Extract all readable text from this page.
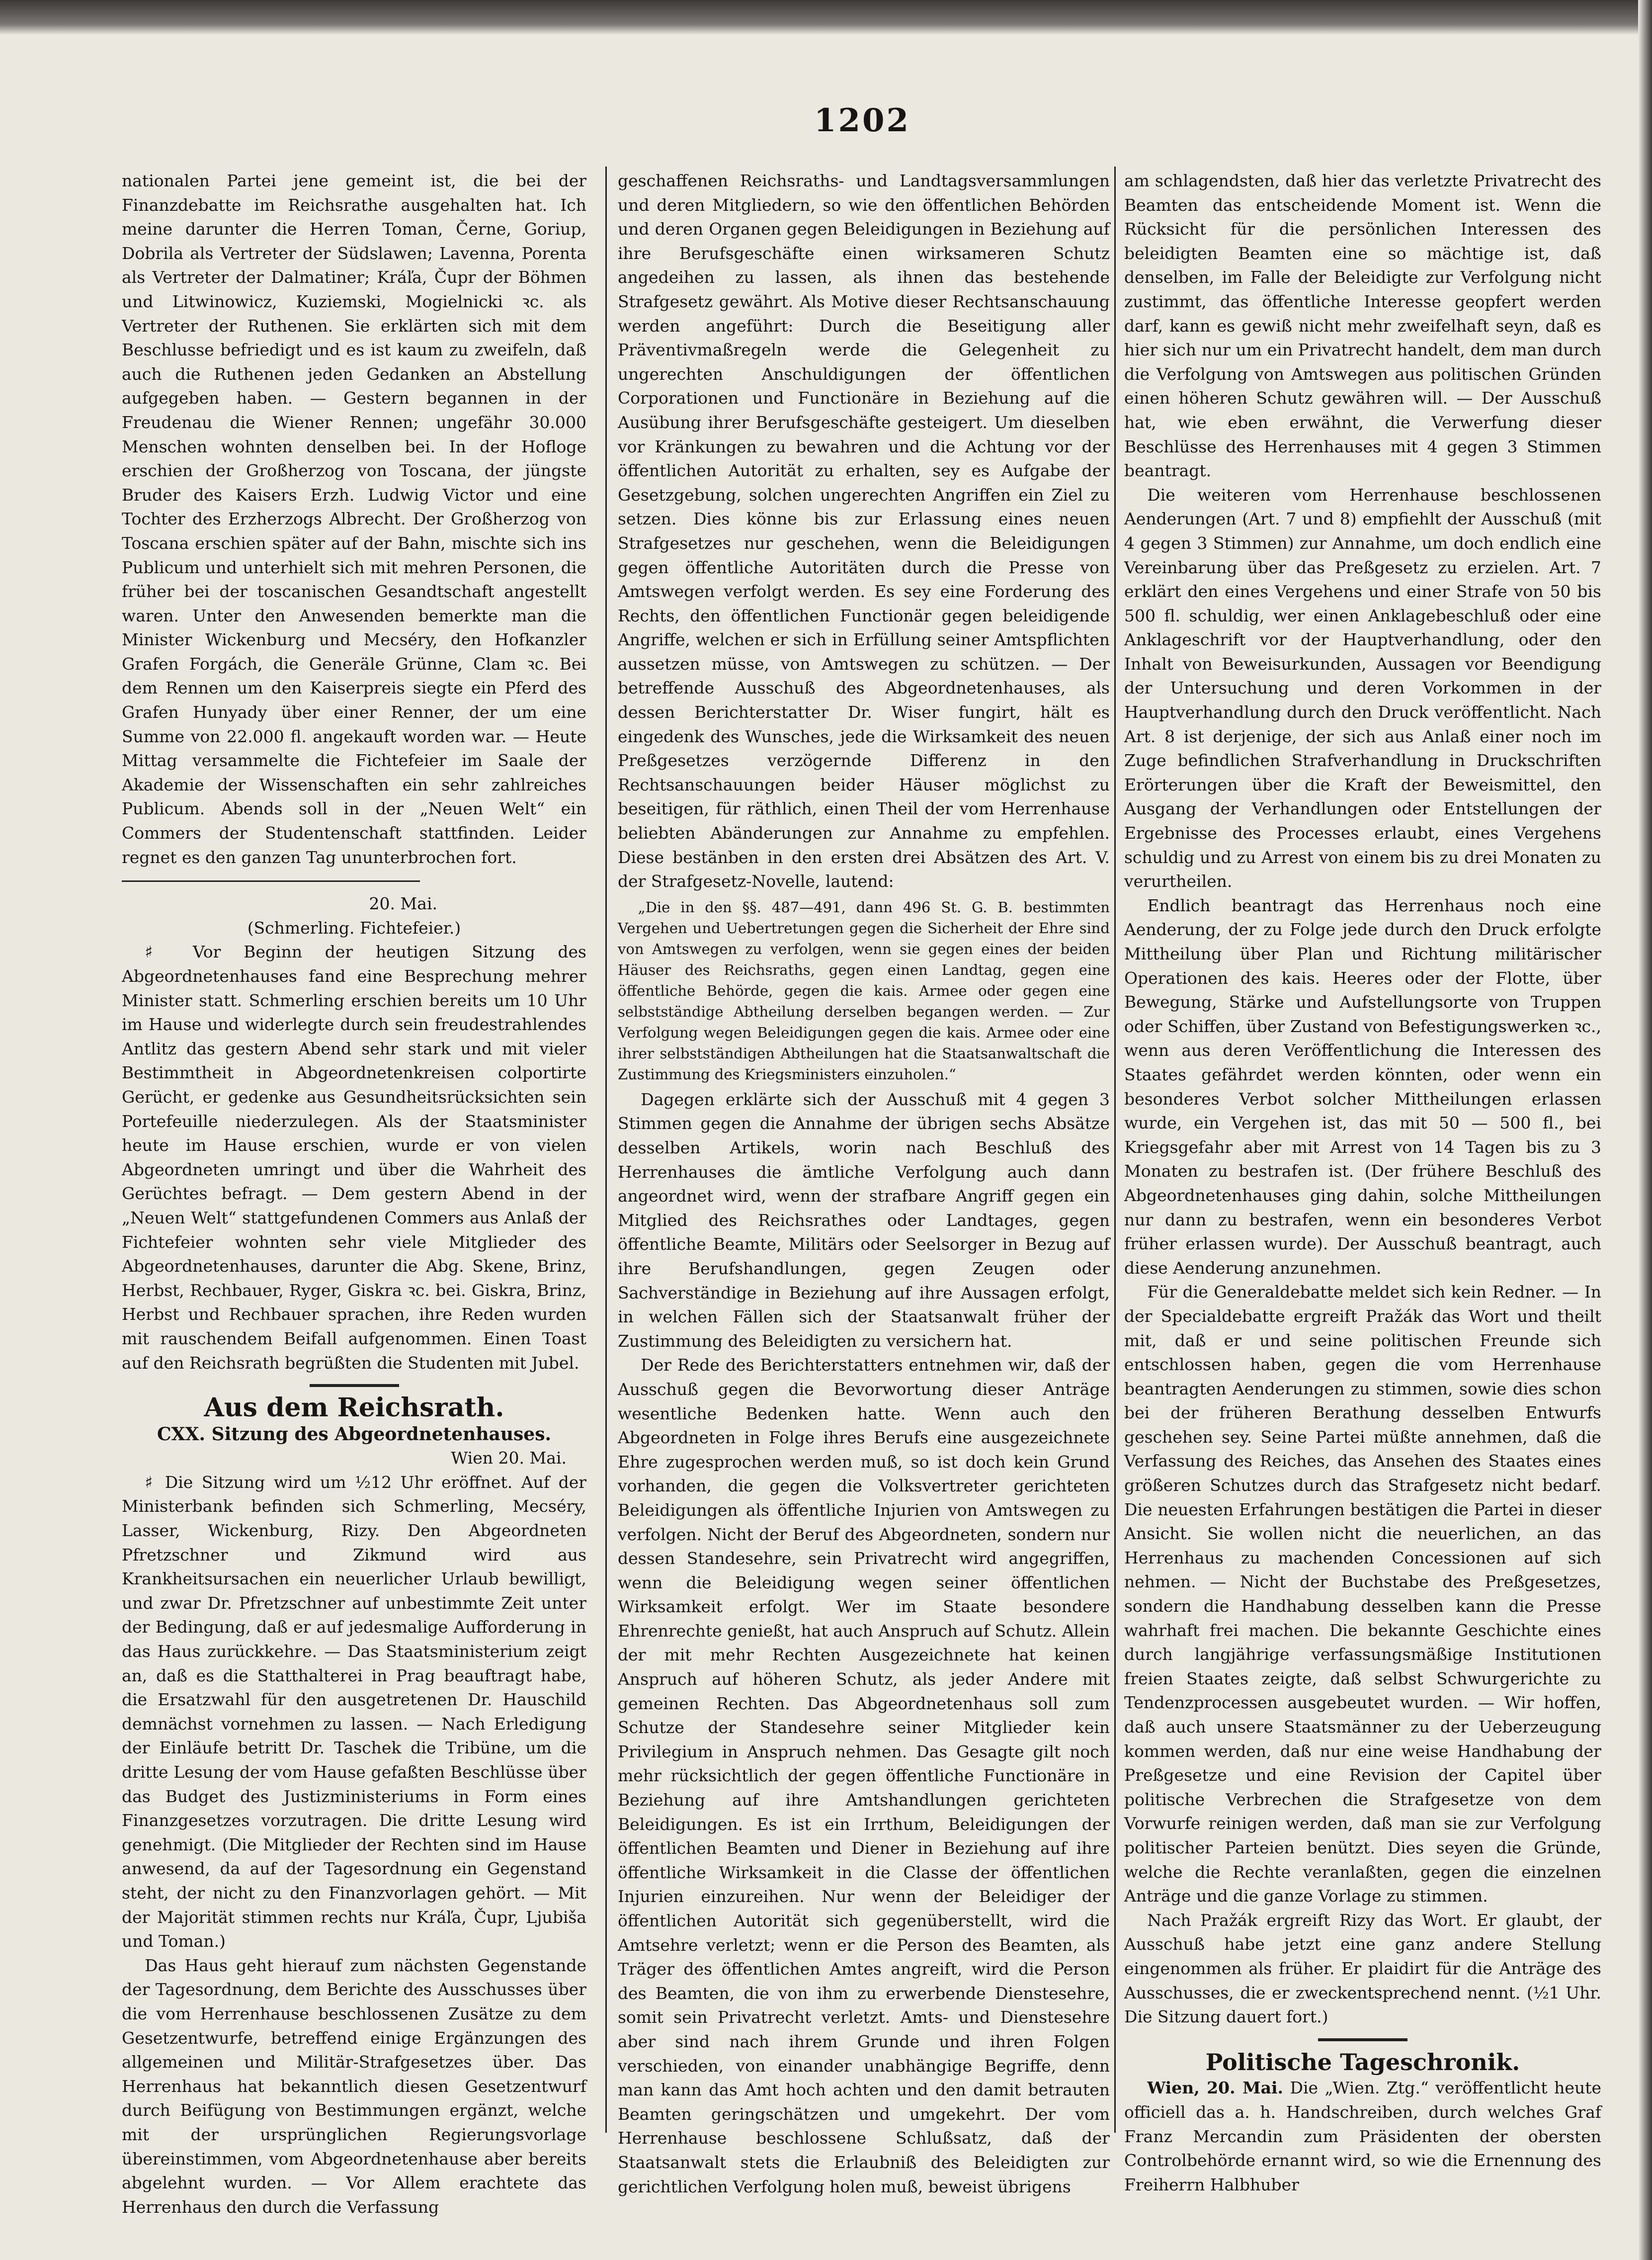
1202

nationalen Partei jene gemeint ist, die bei der Finanzdebatte im Reichsrathe ausgehalten hat. Ich meine darunter die Herren Toman, Černe, Goriup, Dobrila als Vertreter der Südslawen; Lavenna, Porenta als Vertreter der Dalmatiner; Kráľa, Čupr der Böhmen und Litwinowicz, Kuziemski, Mogielnicki ꝛc. als Vertreter der Ruthenen. Sie erklärten sich mit dem Beschlusse befriedigt und es ist kaum zu zweifeln, daß auch die Ruthenen jeden Gedanken an Abstellung aufgegeben haben. — Gestern begannen in der Freudenau die Wiener Rennen; ungefähr 30.000 Menschen wohnten denselben bei. In der Hofloge erschien der Großherzog von Toscana, der jüngste Bruder des Kaisers Erzh. Ludwig Victor und eine Tochter des Erzherzogs Albrecht. Der Großherzog von Toscana erschien später auf der Bahn, mischte sich ins Publicum und unterhielt sich mit mehren Personen, die früher bei der toscanischen Gesandtschaft angestellt waren. Unter den Anwesenden bemerkte man die Minister Wickenburg und Mecséry, den Hofkanzler Grafen Forgách, die Generäle Grünne, Clam ꝛc. Bei dem Rennen um den Kaiserpreis siegte ein Pferd des Grafen Hunyady über einer Renner, der um eine Summe von 22.000 fl. angekauft worden war. — Heute Mittag versammelte die Fichtefeier im Saale der Akademie der Wissenschaften ein sehr zahlreiches Publicum. Abends soll in der „Neuen Welt“ ein Commers der Studentenschaft stattfinden. Leider regnet es den ganzen Tag ununterbrochen fort.

20. Mai.

(Schmerling. Fichtefeier.)

♯ Vor Beginn der heutigen Sitzung des Abgeordnetenhauses fand eine Besprechung mehrer Minister statt. Schmerling erschien bereits um 10 Uhr im Hause und widerlegte durch sein freudestrahlendes Antlitz das gestern Abend sehr stark und mit vieler Bestimmtheit in Abgeordnetenkreisen colportirte Gerücht, er gedenke aus Gesundheitsrücksichten sein Portefeuille niederzulegen. Als der Staatsminister heute im Hause erschien, wurde er von vielen Abgeordneten umringt und über die Wahrheit des Gerüchtes befragt. — Dem gestern Abend in der „Neuen Welt“ stattgefundenen Commers aus Anlaß der Fichtefeier wohnten sehr viele Mitglieder des Abgeordnetenhauses, darunter die Abg. Skene, Brinz, Herbst, Rechbauer, Ryger, Giskra ꝛc. bei. Giskra, Brinz, Herbst und Rechbauer sprachen, ihre Reden wurden mit rauschendem Beifall aufgenommen. Einen Toast auf den Reichsrath begrüßten die Studenten mit Jubel.

Aus dem Reichsrath.
CXX. Sitzung des Abgeordnetenhauses.
Wien 20. Mai.

♯ Die Sitzung wird um ½12 Uhr eröffnet. Auf der Ministerbank befinden sich Schmerling, Mecséry, Lasser, Wickenburg, Rizy. Den Abgeordneten Pfretzschner und Zikmund wird aus Krankheitsursachen ein neuerlicher Urlaub bewilligt, und zwar Dr. Pfretzschner auf unbestimmte Zeit unter der Bedingung, daß er auf jedesmalige Aufforderung in das Haus zurückkehre. — Das Staatsministerium zeigt an, daß es die Statthalterei in Prag beauftragt habe, die Ersatzwahl für den ausgetretenen Dr. Hauschild demnächst vornehmen zu lassen. — Nach Erledigung der Einläufe betritt Dr. Taschek die Tribüne, um die dritte Lesung der vom Hause gefaßten Beschlüsse über das Budget des Justizministeriums in Form eines Finanzgesetzes vorzutragen. Die dritte Lesung wird genehmigt. (Die Mitglieder der Rechten sind im Hause anwesend, da auf der Tagesordnung ein Gegenstand steht, der nicht zu den Finanzvorlagen gehört. — Mit der Majorität stimmen rechts nur Kráľa, Čupr, Ljubiša und Toman.)

Das Haus geht hierauf zum nächsten Gegenstande der Tagesordnung, dem Berichte des Ausschusses über die vom Herrenhause beschlossenen Zusätze zu dem Gesetzentwurfe, betreffend einige Ergänzungen des allgemeinen und Militär-Strafgesetzes über. Das Herrenhaus hat bekanntlich diesen Gesetzentwurf durch Beifügung von Bestimmungen ergänzt, welche mit der ursprünglichen Regierungsvorlage übereinstimmen, vom Abgeordnetenhause aber bereits abgelehnt wurden. — Vor Allem erachtete das Herrenhaus den durch die Verfassung

geschaffenen Reichsraths- und Landtagsversammlungen und deren Mitgliedern, so wie den öffentlichen Behörden und deren Organen gegen Beleidigungen in Beziehung auf ihre Berufsgeschäfte einen wirksameren Schutz angedeihen zu lassen, als ihnen das bestehende Strafgesetz gewährt. Als Motive dieser Rechtsanschauung werden angeführt: Durch die Beseitigung aller Präventivmaßregeln werde die Gelegenheit zu ungerechten Anschuldigungen der öffentlichen Corporationen und Functionäre in Beziehung auf die Ausübung ihrer Berufsgeschäfte gesteigert. Um dieselben vor Kränkungen zu bewahren und die Achtung vor der öffentlichen Autorität zu erhalten, sey es Aufgabe der Gesetzgebung, solchen ungerechten Angriffen ein Ziel zu setzen. Dies könne bis zur Erlassung eines neuen Strafgesetzes nur geschehen, wenn die Beleidigungen gegen öffentliche Autoritäten durch die Presse von Amtswegen verfolgt werden. Es sey eine Forderung des Rechts, den öffentlichen Functionär gegen beleidigende Angriffe, welchen er sich in Erfüllung seiner Amtspflichten aussetzen müsse, von Amtswegen zu schützen. — Der betreffende Ausschuß des Abgeordnetenhauses, als dessen Berichterstatter Dr. Wiser fungirt, hält es eingedenk des Wunsches, jede die Wirksamkeit des neuen Preßgesetzes verzögernde Differenz in den Rechtsanschauungen beider Häuser möglichst zu beseitigen, für räthlich, einen Theil der vom Herrenhause beliebten Abänderungen zur Annahme zu empfehlen. Diese bestänben in den ersten drei Absätzen des Art. V. der Strafgesetz-Novelle, lautend:

„Die in den §§. 487—491, dann 496 St. G. B. bestimmten Vergehen und Uebertretungen gegen die Sicherheit der Ehre sind von Amtswegen zu verfolgen, wenn sie gegen eines der beiden Häuser des Reichsraths, gegen einen Landtag, gegen eine öffentliche Behörde, gegen die kais. Armee oder gegen eine selbstständige Abtheilung derselben begangen werden. — Zur Verfolgung wegen Beleidigungen gegen die kais. Armee oder eine ihrer selbstständigen Abtheilungen hat die Staatsanwaltschaft die Zustimmung des Kriegsministers einzuholen.“

Dagegen erklärte sich der Ausschuß mit 4 gegen 3 Stimmen gegen die Annahme der übrigen sechs Absätze desselben Artikels, worin nach Beschluß des Herrenhauses die ämtliche Verfolgung auch dann angeordnet wird, wenn der strafbare Angriff gegen ein Mitglied des Reichsrathes oder Landtages, gegen öffentliche Beamte, Militärs oder Seelsorger in Bezug auf ihre Berufshandlungen, gegen Zeugen oder Sachverständige in Beziehung auf ihre Aussagen erfolgt, in welchen Fällen sich der Staatsanwalt früher der Zustimmung des Beleidigten zu versichern hat.

Der Rede des Berichterstatters entnehmen wir, daß der Ausschuß gegen die Bevorwortung dieser Anträge wesentliche Bedenken hatte. Wenn auch den Abgeordneten in Folge ihres Berufs eine ausgezeichnete Ehre zugesprochen werden muß, so ist doch kein Grund vorhanden, die gegen die Volksvertreter gerichteten Beleidigungen als öffentliche Injurien von Amtswegen zu verfolgen. Nicht der Beruf des Abgeordneten, sondern nur dessen Standesehre, sein Privatrecht wird angegriffen, wenn die Beleidigung wegen seiner öffentlichen Wirksamkeit erfolgt. Wer im Staate besondere Ehrenrechte genießt, hat auch Anspruch auf Schutz. Allein der mit mehr Rechten Ausgezeichnete hat keinen Anspruch auf höheren Schutz, als jeder Andere mit gemeinen Rechten. Das Abgeordnetenhaus soll zum Schutze der Standesehre seiner Mitglieder kein Privilegium in Anspruch nehmen. Das Gesagte gilt noch mehr rücksichtlich der gegen öffentliche Functionäre in Beziehung auf ihre Amtshandlungen gerichteten Beleidigungen. Es ist ein Irrthum, Beleidigungen der öffentlichen Beamten und Diener in Beziehung auf ihre öffentliche Wirksamkeit in die Classe der öffentlichen Injurien einzureihen. Nur wenn der Beleidiger der öffentlichen Autorität sich gegenüberstellt, wird die Amtsehre verletzt; wenn er die Person des Beamten, als Träger des öffentlichen Amtes angreift, wird die Person des Beamten, die von ihm zu erwerbende Dienstesehre, somit sein Privatrecht verletzt. Amts- und Dienstesehre aber sind nach ihrem Grunde und ihren Folgen verschieden, von einander unabhängige Begriffe, denn man kann das Amt hoch achten und den damit betrauten Beamten geringschätzen und umgekehrt. Der vom Herrenhause beschlossene Schlußsatz, daß der Staatsanwalt stets die Erlaubniß des Beleidigten zur gerichtlichen Verfolgung holen muß, beweist übrigens

am schlagendsten, daß hier das verletzte Privatrecht des Beamten das entscheidende Moment ist. Wenn die Rücksicht für die persönlichen Interessen des beleidigten Beamten eine so mächtige ist, daß denselben, im Falle der Beleidigte zur Verfolgung nicht zustimmt, das öffentliche Interesse geopfert werden darf, kann es gewiß nicht mehr zweifelhaft seyn, daß es hier sich nur um ein Privatrecht handelt, dem man durch die Verfolgung von Amtswegen aus politischen Gründen einen höheren Schutz gewähren will. — Der Ausschuß hat, wie eben erwähnt, die Verwerfung dieser Beschlüsse des Herrenhauses mit 4 gegen 3 Stimmen beantragt.

Die weiteren vom Herrenhause beschlossenen Aenderungen (Art. 7 und 8) empfiehlt der Ausschuß (mit 4 gegen 3 Stimmen) zur Annahme, um doch endlich eine Vereinbarung über das Preßgesetz zu erzielen. Art. 7 erklärt den eines Vergehens und einer Strafe von 50 bis 500 fl. schuldig, wer einen Anklagebeschluß oder eine Anklageschrift vor der Hauptverhandlung, oder den Inhalt von Beweisurkunden, Aussagen vor Beendigung der Untersuchung und deren Vorkommen in der Hauptverhandlung durch den Druck veröffentlicht. Nach Art. 8 ist derjenige, der sich aus Anlaß einer noch im Zuge befindlichen Strafverhandlung in Druckschriften Erörterungen über die Kraft der Beweismittel, den Ausgang der Verhandlungen oder Entstellungen der Ergebnisse des Processes erlaubt, eines Vergehens schuldig und zu Arrest von einem bis zu drei Monaten zu verurtheilen.

Endlich beantragt das Herrenhaus noch eine Aenderung, der zu Folge jede durch den Druck erfolgte Mittheilung über Plan und Richtung militärischer Operationen des kais. Heeres oder der Flotte, über Bewegung, Stärke und Aufstellungsorte von Truppen oder Schiffen, über Zustand von Befestigungswerken ꝛc., wenn aus deren Veröffentlichung die Interessen des Staates gefährdet werden könnten, oder wenn ein besonderes Verbot solcher Mittheilungen erlassen wurde, ein Vergehen ist, das mit 50 — 500 fl., bei Kriegsgefahr aber mit Arrest von 14 Tagen bis zu 3 Monaten zu bestrafen ist. (Der frühere Beschluß des Abgeordnetenhauses ging dahin, solche Mittheilungen nur dann zu bestrafen, wenn ein besonderes Verbot früher erlassen wurde). Der Ausschuß beantragt, auch diese Aenderung anzunehmen.

Für die Generaldebatte meldet sich kein Redner. — In der Specialdebatte ergreift Pražák das Wort und theilt mit, daß er und seine politischen Freunde sich entschlossen haben, gegen die vom Herrenhause beantragten Aenderungen zu stimmen, sowie dies schon bei der früheren Berathung desselben Entwurfs geschehen sey. Seine Partei müßte annehmen, daß die Verfassung des Reiches, das Ansehen des Staates eines größeren Schutzes durch das Strafgesetz nicht bedarf. Die neuesten Erfahrungen bestätigen die Partei in dieser Ansicht. Sie wollen nicht die neuerlichen, an das Herrenhaus zu machenden Concessionen auf sich nehmen. — Nicht der Buchstabe des Preßgesetzes, sondern die Handhabung desselben kann die Presse wahrhaft frei machen. Die bekannte Geschichte eines durch langjährige verfassungsmäßige Institutionen freien Staates zeigte, daß selbst Schwurgerichte zu Tendenzprocessen ausgebeutet wurden. — Wir hoffen, daß auch unsere Staatsmänner zu der Ueberzeugung kommen werden, daß nur eine weise Handhabung der Preßgesetze und eine Revision der Capitel über politische Verbrechen die Strafgesetze von dem Vorwurfe reinigen werden, daß man sie zur Verfolgung politischer Parteien benützt. Dies seyen die Gründe, welche die Rechte veranlaßten, gegen die einzelnen Anträge und die ganze Vorlage zu stimmen.

Nach Pražák ergreift Rizy das Wort. Er glaubt, der Ausschuß habe jetzt eine ganz andere Stellung eingenommen als früher. Er plaidirt für die Anträge des Ausschusses, die er zweckentsprechend nennt. (½1 Uhr. Die Sitzung dauert fort.)

Politische Tageschronik.

Wien, 20. Mai. Die „Wien. Ztg.“ veröffentlicht heute officiell das a. h. Handschreiben, durch welches Graf Franz Mercandin zum Präsidenten der obersten Controlbehörde ernannt wird, so wie die Ernennung des Freiherrn Halbhuber
